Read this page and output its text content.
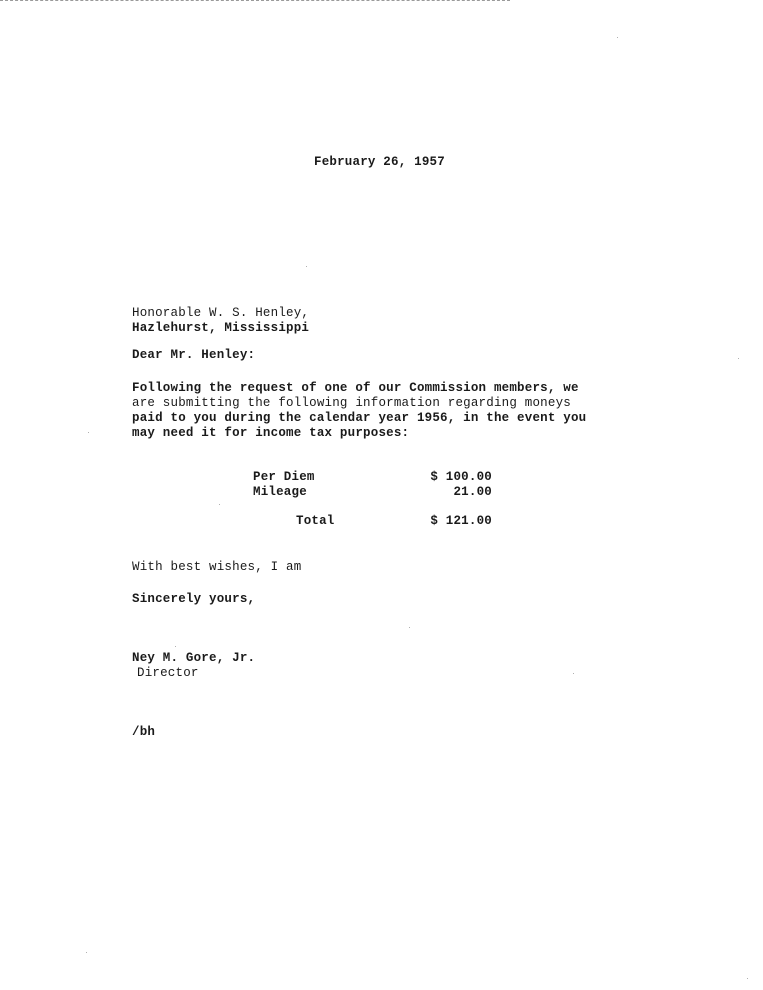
February 26, 1957
Honorable W. S. Henley,
Hazlehurst, Mississippi
Dear Mr. Henley:
Following the request of one of our Commission members, we
are submitting the following information regarding moneys
paid to you during the calendar year 1956, in the event you
may need it for income tax purposes:
Per Diem	$ 100.00
Mileage	21.00
Total	$ 121.00
With best wishes, I am
Sincerely yours,
Ney M. Gore, Jr.
Director
/bh
